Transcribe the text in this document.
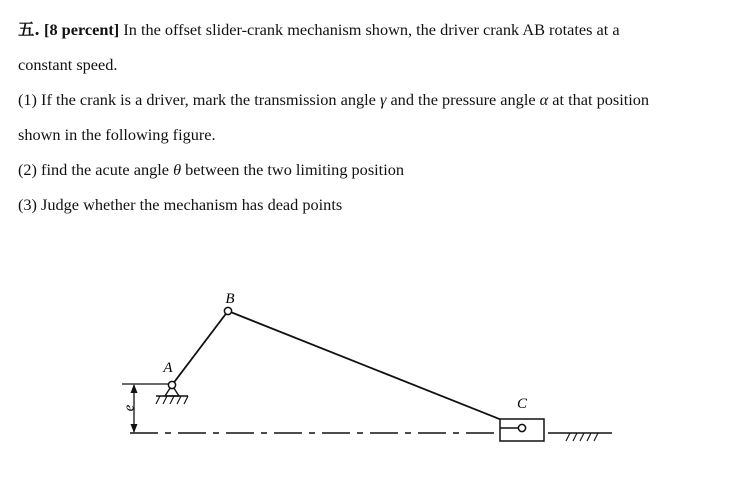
五. [8 percent] In the offset slider-crank mechanism shown, the driver crank AB rotates at a
constant speed.
(1) If the crank is a driver, mark the transmission angle γ and the pressure angle α at that position
shown in the following figure.
(2) find the acute angle θ between the two limiting position
(3) Judge whether the mechanism has dead points
e
A
B
C
